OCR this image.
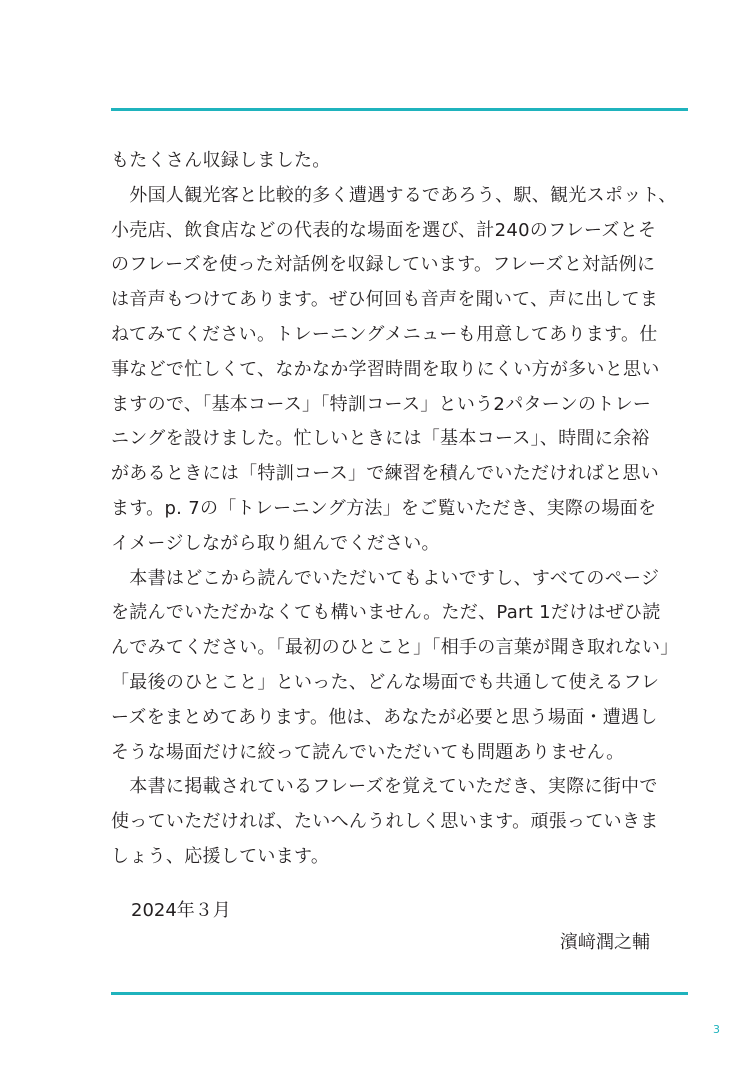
もたくさん収録しました。
　外国人観光客と比較的多く遭遇するであろう、駅、観光スポット、
小売店、飲食店などの代表的な場面を選び、計240のフレーズとそ
のフレーズを使った対話例を収録しています。フレーズと対話例に
は音声もつけてあります。ぜひ何回も音声を聞いて、声に出してま
ねてみてください。トレーニングメニューも用意してあります。仕
事などで忙しくて、なかなか学習時間を取りにくい方が多いと思い
ますので、「基本コース」「特訓コース」という2パターンのトレー
ニングを設けました。忙しいときには「基本コース」、時間に余裕
があるときには「特訓コース」で練習を積んでいただければと思い
ます。p. 7の「トレーニング方法」をご覧いただき、実際の場面を
イメージしながら取り組んでください。
　本書はどこから読んでいただいてもよいですし、すべてのページ
を読んでいただかなくても構いません。ただ、Part 1だけはぜひ読
んでみてください。「最初のひとこと」「相手の言葉が聞き取れない」
「最後のひとこと」といった、どんな場面でも共通して使えるフレ
ーズをまとめてあります。他は、あなたが必要と思う場面・遭遇し
そうな場面だけに絞って読んでいただいても問題ありません。
　本書に掲載されているフレーズを覚えていただき、実際に街中で
使っていただければ、たいへんうれしく思います。頑張っていきま
しょう、応援しています。
2024年３月
濱﨑潤之輔
3
